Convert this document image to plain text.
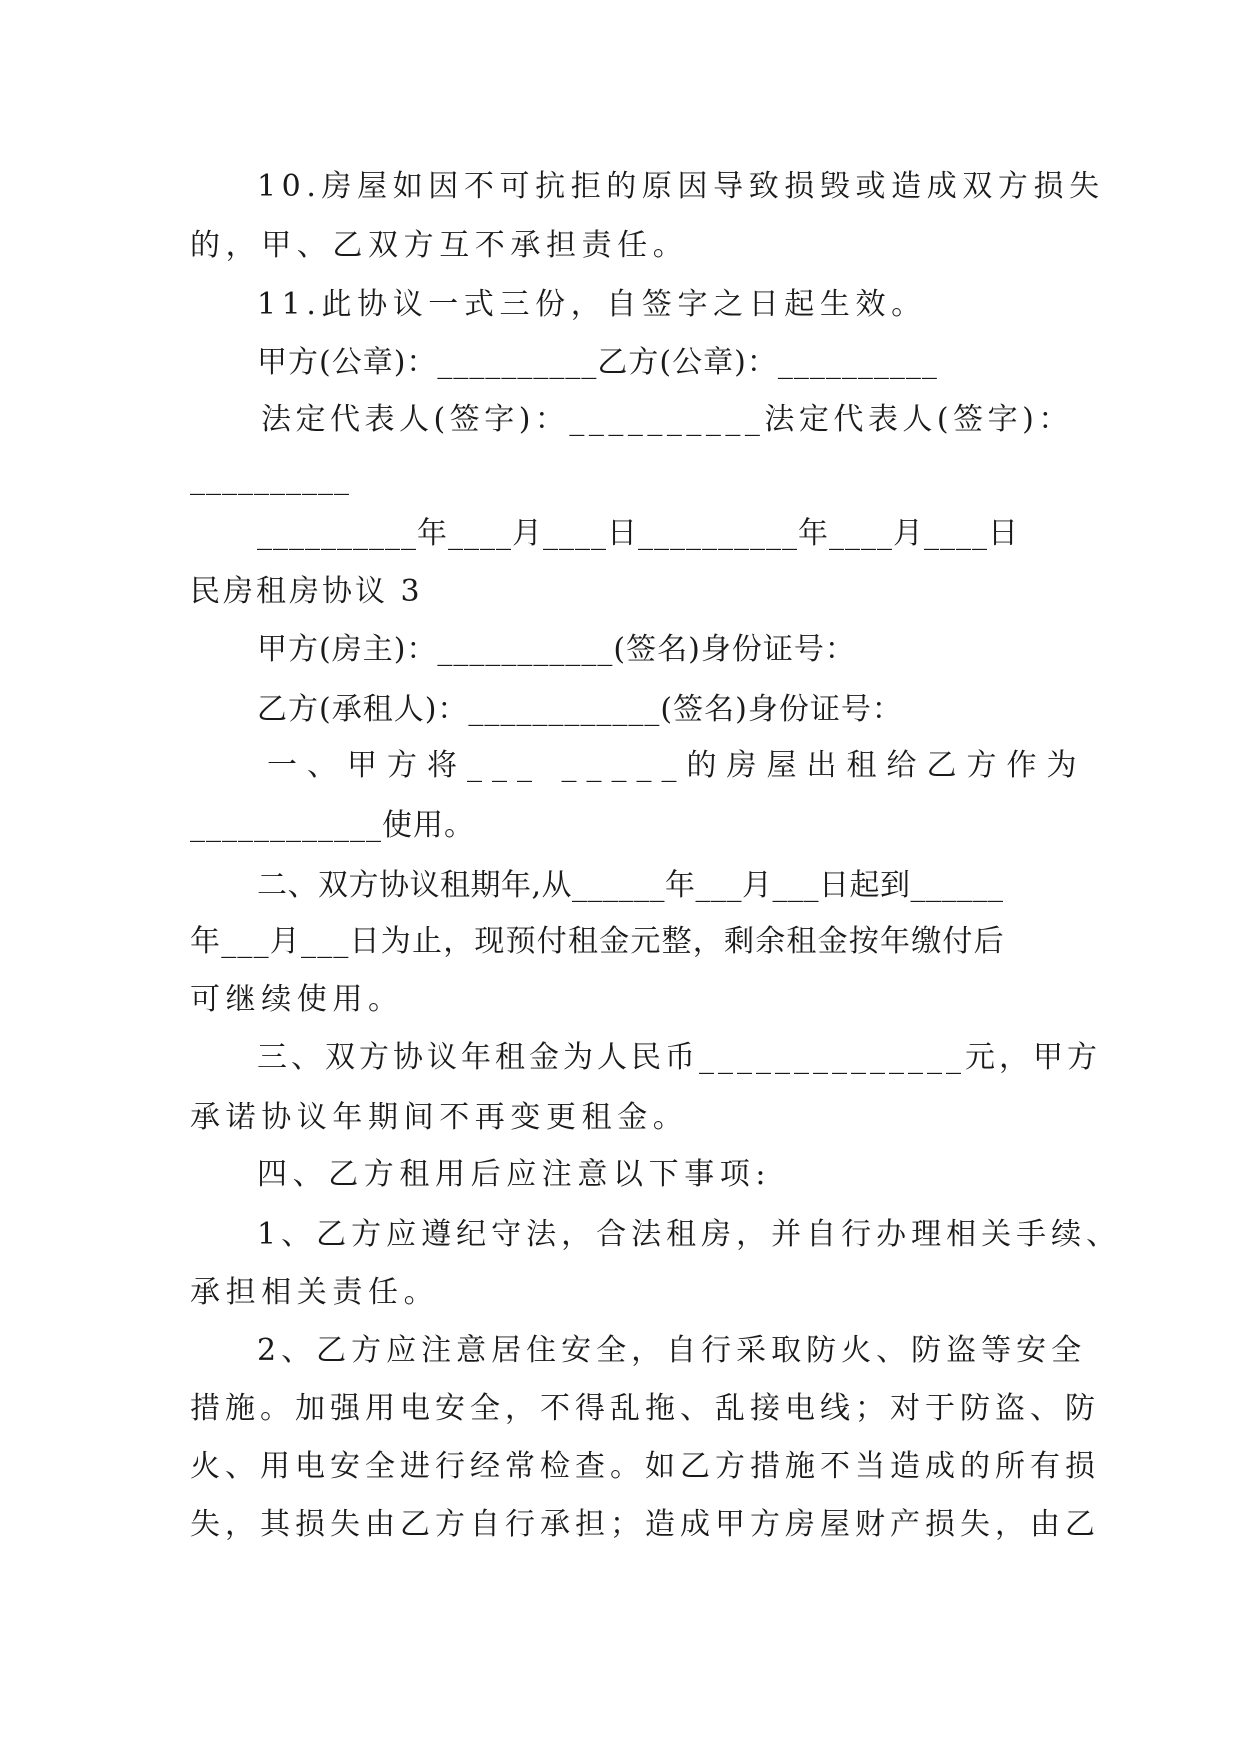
10.房屋如因不可抗拒的原因导致损毁或造成双方损失
的，甲、乙双方互不承担责任。
11.此协议一式三份，自签字之日起生效。
甲方(公章)：__________乙方(公章)：__________
法定代表人(签字)：__________法定代表人(签字)：
__________
__________年____月____日__________年____月____日
民房租房协议 3
甲方(房主)：___________(签名)身份证号：
乙方(承租人)：____________(签名)身份证号：
一、甲方将___ _____的房屋出租给乙方作为
____________使用。
二、双方协议租期年,从______年___月___日起到______
年___月___日为止，现预付租金元整，剩余租金按年缴付后
可继续使用。
三、双方协议年租金为人民币______________元，甲方
承诺协议年期间不再变更租金。
四、乙方租用后应注意以下事项:
1、乙方应遵纪守法，合法租房，并自行办理相关手续、
承担相关责任。
2、乙方应注意居住安全，自行采取防火、防盗等安全
措施。加强用电安全，不得乱拖、乱接电线；对于防盗、防
火、用电安全进行经常检查。如乙方措施不当造成的所有损
失，其损失由乙方自行承担；造成甲方房屋财产损失，由乙
